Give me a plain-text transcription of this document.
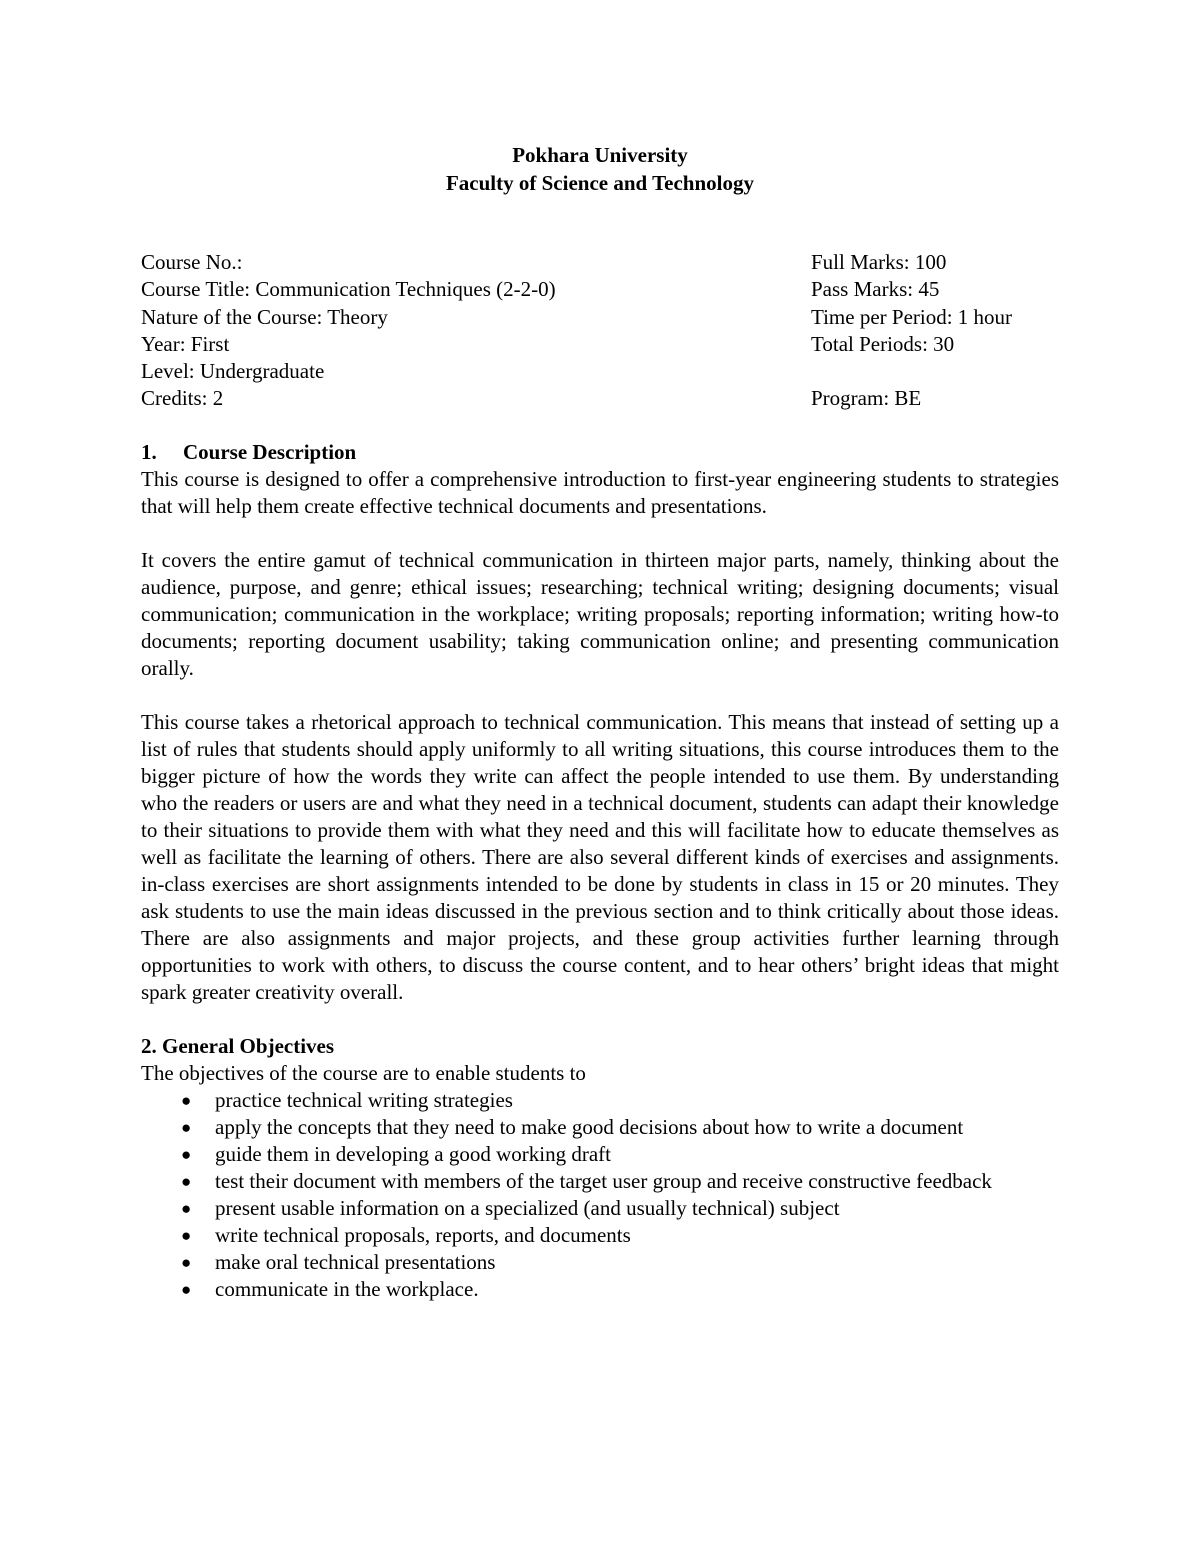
Pokhara University
Faculty of Science and Technology
Course No.:
Course Title: Communication Techniques (2-2-0)
Nature of the Course: Theory
Year: First
Level: Undergraduate
Credits: 2
Full Marks: 100
Pass Marks: 45
Time per Period: 1 hour
Total Periods: 30
Program: BE
1. Course Description

This course is designed to offer a comprehensive introduction to first-year engineering students to strategies that will help them create effective technical documents and presentations.

It covers the entire gamut of technical communication in thirteen major parts, namely, thinking about the audience, purpose, and genre; ethical issues; researching; technical writing; designing documents; visual communication; communication in the workplace; writing proposals; reporting information; writing how-to documents; reporting document usability; taking communication online; and presenting communication orally.

This course takes a rhetorical approach to technical communication. This means that instead of setting up a list of rules that students should apply uniformly to all writing situations, this course introduces them to the bigger picture of how the words they write can affect the people intended to use them. By understanding who the readers or users are and what they need in a technical document, students can adapt their knowledge to their situations to provide them with what they need and this will facilitate how to educate themselves as well as facilitate the learning of others. There are also several different kinds of exercises and assignments. in-class exercises are short assignments intended to be done by students in class in 15 or 20 minutes. They ask students to use the main ideas discussed in the previous section and to think critically about those ideas. There are also assignments and major projects, and these group activities further learning through opportunities to work with others, to discuss the course content, and to hear others’ bright ideas that might spark greater creativity overall.

2. General Objectives

The objectives of the course are to enable students to

● practice technical writing strategies
● apply the concepts that they need to make good decisions about how to write a document
● guide them in developing a good working draft
● test their document with members of the target user group and receive constructive feedback
● present usable information on a specialized (and usually technical) subject
● write technical proposals, reports, and documents
● make oral technical presentations
● communicate in the workplace.
